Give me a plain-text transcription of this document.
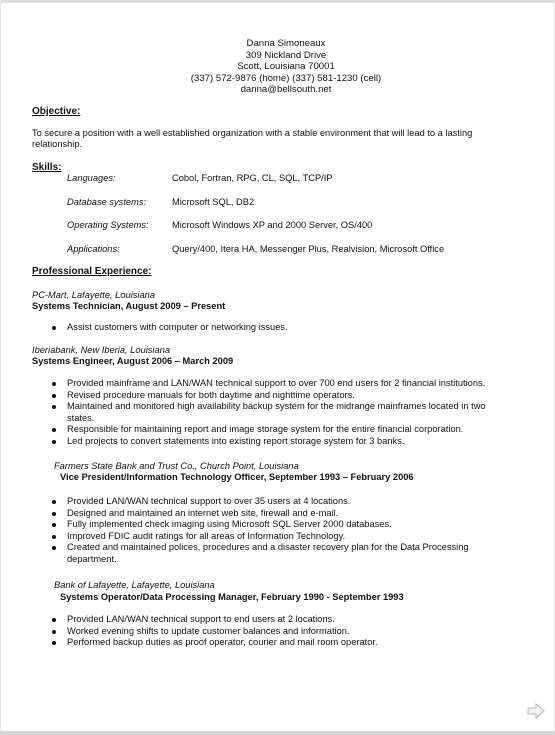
Danna Simoneaux
309 Nickland Drive
Scott, Louisiana 70001
(337) 572-9876 (home) (337) 581-1230 (cell)
danna@bellsouth.net
Objective:
To secure a position with a well established organization with a stable environment that will lead to a lasting relationship.
Skills:
Languages:	Cobol, Fortran, RPG, CL, SQL, TCP/IP
Database systems:	Microsoft SQL, DB2
Operating Systems:	Microsoft Windows XP and 2000 Server, OS/400
Applications:	Query/400, Itera HA, Messenger Plus, Realvision, Microsoft Office
Professional Experience:
PC-Mart, Lafayette, Louisiana
Systems Technician, August 2009 – Present
Assist customers with computer or networking issues.
Iberiabank, New Iberia, Louisiana
Systems Engineer, August 2006 – March 2009
Provided mainframe and LAN/WAN technical support to over 700 end users for 2 financial institutions.
Revised procedure manuals for both daytime and nighttime operators.
Maintained and monitored high availability backup system for the midrange mainframes located in two states.
Responsible for maintaining report and image storage system for the entire financial corporation.
Led projects to convert statements into existing report storage system for 3 banks.
Farmers State Bank and Trust Co., Church Point, Louisiana
Vice President/Information Technology Officer, September 1993 – February 2006
Provided LAN/WAN technical support to over 35 users at 4 locations.
Designed and maintained an internet web site, firewall and e-mail.
Fully implemented check imaging using Microsoft SQL Server 2000 databases.
Improved FDIC audit ratings for all areas of Information Technology.
Created and maintained polices, procedures and a disaster recovery plan for the Data Processing department.
Bank of Lafayette, Lafayette, Louisiana
Systems Operator/Data Processing Manager, February 1990 - September 1993
Provided LAN/WAN technical support to end users at 2 locations.
Worked evening shifts to update customer balances and information.
Performed backup duties as proof operator, courier and mail room operator.
